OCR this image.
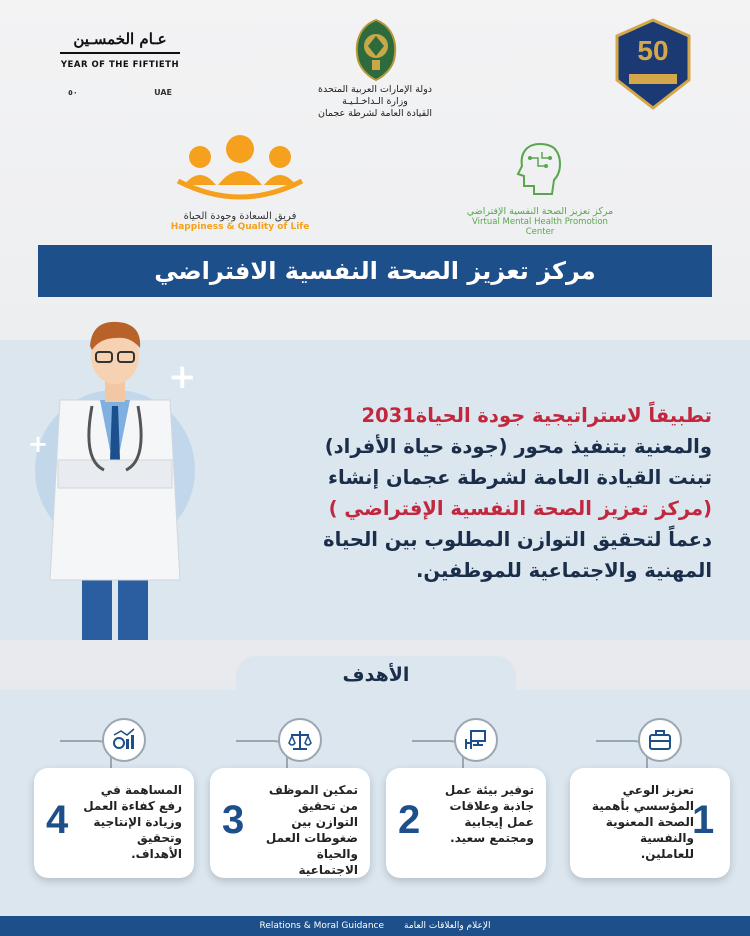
عـام الخمسـين
YEAR OF THE FIFTIETH
٥٠	UAE	دولة الإمارات العربية المتحدة
وزارة الـداخـلـيـة
القيادة العامة لشرطة عجمان
50
فريق السعادة وجودة الحياة
Happiness & Quality of Life
مركز تعزيز الصحة النفسية الإفتراضي
Virtual Mental Health Promotion Center
مركز تعزيز الصحة النفسية الافتراضي
+
+
تطبيقاً لاستراتيجية جودة الحياة2031
والمعنية بتنفيذ محور (جودة حياة الأفراد)
تبنت القيادة العامة لشرطة عجمان إنشاء
(مركز تعزيز الصحة النفسية الإفتراضي )
دعماً لتحقيق التوازن المطلوب بين الحياة
المهنية والاجتماعية للموظفين.
الأهدف
4
المساهمة في رفع كفاءة العمل وزيادة الإنتاجية وتحقيق الأهداف.
3
تمكين الموظف من تحقيق التوازن بين ضغوطات العمل والحياة الاجتماعية
2
توفير بيئة عمل جاذبة وعلاقات عمل إيجابية ومجتمع سعيد.	1
تعزيز الوعي المؤسسي بأهمية الصحة المعنوية والنفسية للعاملين.
Relations & Moral Guidance الإعلام والعلاقات العامة
